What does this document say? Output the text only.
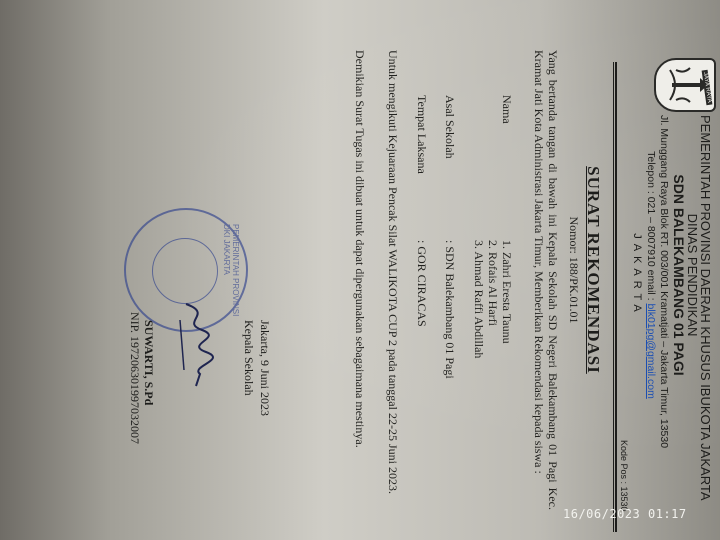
JAYA RAYA
PEMERINTAH PROVINSI DAERAH KHUSUS IBUKOTA JAKARTA
DINAS PENDIDIKAN
SDN BALEKAMBANG 01 PAGI
Jl. Munggang Raya Blok RT. 003/001 Kramatjati – Jakarta Timur, 13530
Telepon : 021 – 8007910 email : blk01pg@gmail.com
JAKARTA
Kode Pos : 13530
SURAT REKOMENDASI
Nomor: 188/PK.01.01
Yang bertanda tangan di bawah ini Kepala Sekolah SD Negeri Balekambang 01 Pagi Kec. Kramat Jati Kota Administrasi Jakarta Timur, Memberikan Rekomendasi kepada siswa :
Nama
1. Zahri Eresta Taunu
2. Rofais Al Harfi
3. Ahmad Raffi Abdillah
Asal Sekolah
: SDN Balekambang 01 Pagi
Tempat Laksana
: GOR CIRACAS
Untuk mengikuti Kejuaraan Pencak Silat WALIKOTA CUP 2 pada tanggal 22-25 Juni 2023.
Demikian Surat Tugas ini dibuat untuk dapat dipergunakan sebagaimana mestinya.
Jakarta, 9 Juni 2023
Kepala Sekolah
PEMERINTAH PROVINSI DKI JAKARTA
SUWARTI, S.Pd
NIP. 197206301997032007
16/06/2023 01:17
